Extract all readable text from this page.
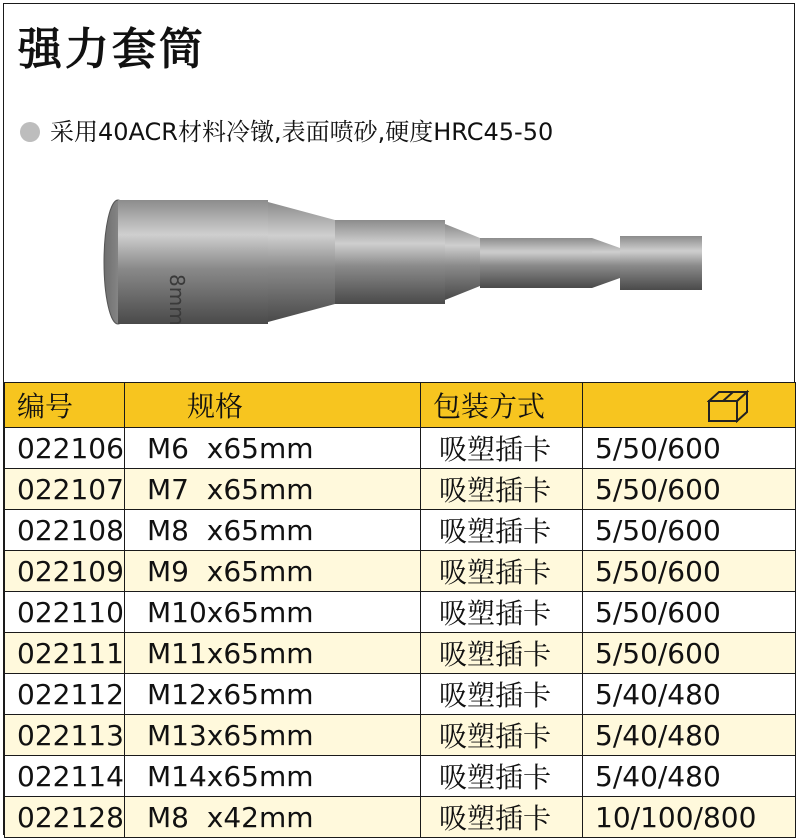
强力套筒
采用40ACR材料冷镦,表面喷砂,硬度HRC45-50
8mm
编号	规格	包装方式	
022106	M6  x65mm	吸塑插卡	5/50/600
022107	M7  x65mm	吸塑插卡	5/50/600
022108	M8  x65mm	吸塑插卡	5/50/600
022109	M9  x65mm	吸塑插卡	5/50/600
022110	M10x65mm	吸塑插卡	5/50/600
022111	M11x65mm	吸塑插卡	5/50/600
022112	M12x65mm	吸塑插卡	5/40/480
022113	M13x65mm	吸塑插卡	5/40/480
022114	M14x65mm	吸塑插卡	5/40/480
022128	M8  x42mm	吸塑插卡	10/100/800
